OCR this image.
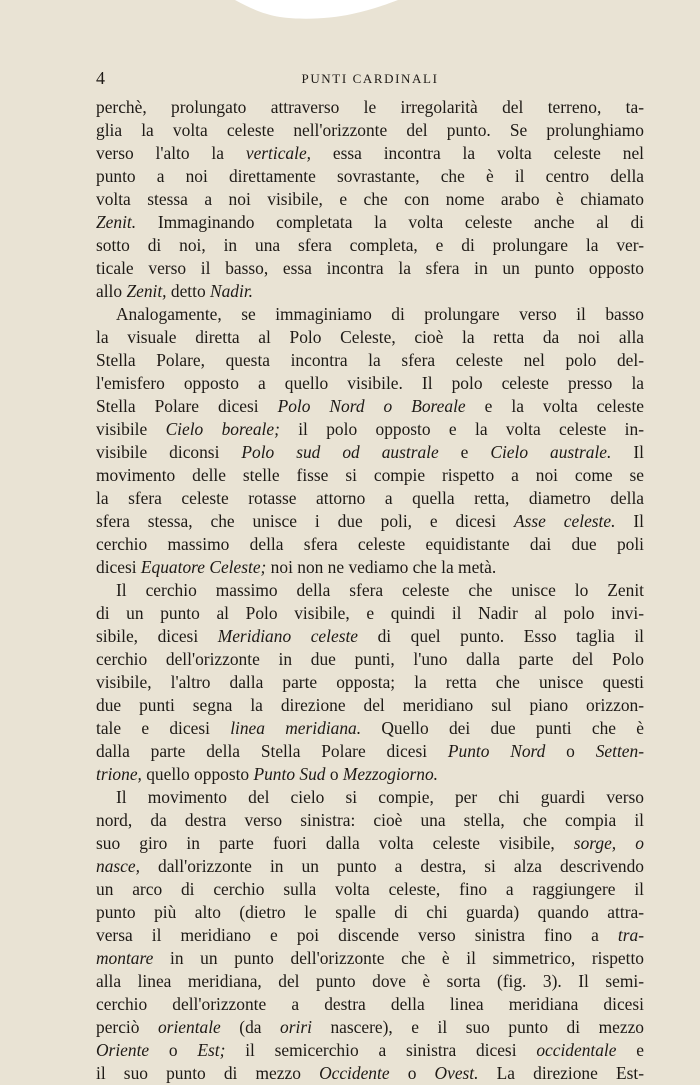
4	PUNTI CARDINALI
perchè, prolungato attraverso le irregolarità del terreno, ta-
glia la volta celeste nell'orizzonte del punto. Se prolunghiamo
verso l'alto la verticale, essa incontra la volta celeste nel
punto a noi direttamente sovrastante, che è il centro della
volta stessa a noi visibile, e che con nome arabo è chiamato
Zenit. Immaginando completata la volta celeste anche al di
sotto di noi, in una sfera completa, e di prolungare la ver-
ticale verso il basso, essa incontra la sfera in un punto opposto
allo Zenit, detto Nadir.
Analogamente, se immaginiamo di prolungare verso il basso
la visuale diretta al Polo Celeste, cioè la retta da noi alla
Stella Polare, questa incontra la sfera celeste nel polo del-
l'emisfero opposto a quello visibile. Il polo celeste presso la
Stella Polare dicesi Polo Nord o Boreale e la volta celeste
visibile Cielo boreale; il polo opposto e la volta celeste in-
visibile diconsi Polo sud od australe e Cielo australe. Il
movimento delle stelle fisse si compie rispetto a noi come se
la sfera celeste rotasse attorno a quella retta, diametro della
sfera stessa, che unisce i due poli, e dicesi Asse celeste. Il
cerchio massimo della sfera celeste equidistante dai due poli
dicesi Equatore Celeste; noi non ne vediamo che la metà.
Il cerchio massimo della sfera celeste che unisce lo Zenit
di un punto al Polo visibile, e quindi il Nadir al polo invi-
sibile, dicesi Meridiano celeste di quel punto. Esso taglia il
cerchio dell'orizzonte in due punti, l'uno dalla parte del Polo
visibile, l'altro dalla parte opposta; la retta che unisce questi
due punti segna la direzione del meridiano sul piano orizzon-
tale e dicesi linea meridiana. Quello dei due punti che è
dalla parte della Stella Polare dicesi Punto Nord o Setten-
trione, quello opposto Punto Sud o Mezzogiorno.
Il movimento del cielo si compie, per chi guardi verso
nord, da destra verso sinistra: cioè una stella, che compia il
suo giro in parte fuori dalla volta celeste visibile, sorge, o
nasce, dall'orizzonte in un punto a destra, si alza descrivendo
un arco di cerchio sulla volta celeste, fino a raggiungere il
punto più alto (dietro le spalle di chi guarda) quando attra-
versa il meridiano e poi discende verso sinistra fino a tra-
montare in un punto dell'orizzonte che è il simmetrico, rispetto
alla linea meridiana, del punto dove è sorta (fig. 3). Il semi-
cerchio dell'orizzonte a destra della linea meridiana dicesi
perciò orientale (da oriri nascere), e il suo punto di mezzo
Oriente o Est; il semicerchio a sinistra dicesi occidentale e
il suo punto di mezzo Occidente o Ovest. La direzione Est-
